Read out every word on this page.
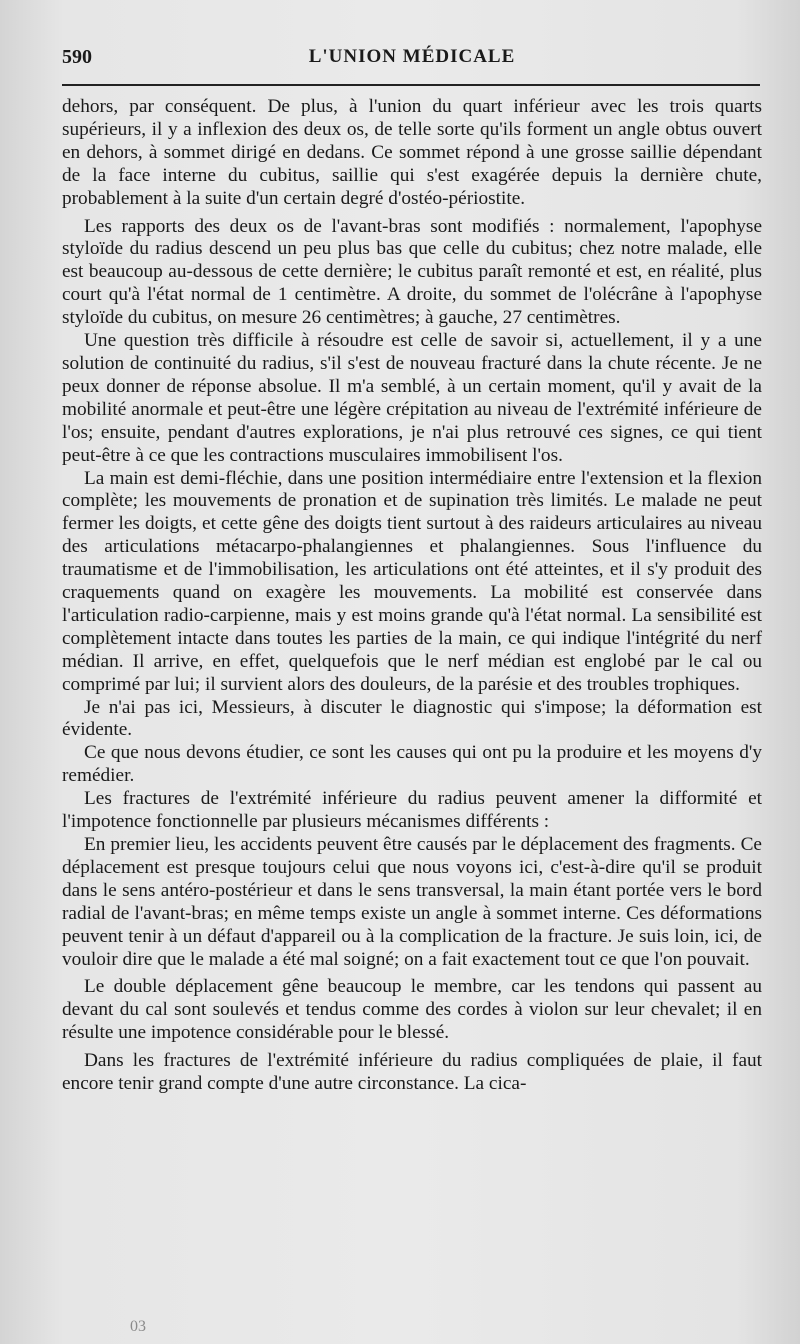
590	L'UNION MÉDICALE

dehors, par conséquent. De plus, à l'union du quart inférieur avec les trois quarts supérieurs, il y a inflexion des deux os, de telle sorte qu'ils forment un angle obtus ouvert en dehors, à sommet dirigé en dedans. Ce sommet répond à une grosse saillie dépendant de la face interne du cubitus, saillie qui s'est exagérée depuis la dernière chute, probablement à la suite d'un certain degré d'ostéo-périostite.

Les rapports des deux os de l'avant-bras sont modifiés : normalement, l'apophyse styloïde du radius descend un peu plus bas que celle du cubitus; chez notre malade, elle est beaucoup au-dessous de cette dernière; le cubitus paraît remonté et est, en réalité, plus court qu'à l'état normal de 1 centimètre. A droite, du sommet de l'olécrâne à l'apophyse styloïde du cubitus, on mesure 26 centimètres; à gauche, 27 centimètres.

Une question très difficile à résoudre est celle de savoir si, actuellement, il y a une solution de continuité du radius, s'il s'est de nouveau fracturé dans la chute récente. Je ne peux donner de réponse absolue. Il m'a semblé, à un certain moment, qu'il y avait de la mobilité anormale et peut-être une légère crépitation au niveau de l'extrémité inférieure de l'os; ensuite, pendant d'autres explorations, je n'ai plus retrouvé ces signes, ce qui tient peut-être à ce que les contractions musculaires immobilisent l'os.

La main est demi-fléchie, dans une position intermédiaire entre l'extension et la flexion complète; les mouvements de pronation et de supination très limités. Le malade ne peut fermer les doigts, et cette gêne des doigts tient surtout à des raideurs articulaires au niveau des articulations métacarpo-phalangiennes et phalangiennes. Sous l'influence du traumatisme et de l'immobilisation, les articulations ont été atteintes, et il s'y produit des craquements quand on exagère les mouvements. La mobilité est conservée dans l'articulation radio-carpienne, mais y est moins grande qu'à l'état normal. La sensibilité est complètement intacte dans toutes les parties de la main, ce qui indique l'intégrité du nerf médian. Il arrive, en effet, quelquefois que le nerf médian est englobé par le cal ou comprimé par lui; il survient alors des douleurs, de la parésie et des troubles trophiques.

Je n'ai pas ici, Messieurs, à discuter le diagnostic qui s'impose; la déformation est évidente.

Ce que nous devons étudier, ce sont les causes qui ont pu la produire et les moyens d'y remédier.

Les fractures de l'extrémité inférieure du radius peuvent amener la difformité et l'impotence fonctionnelle par plusieurs mécanismes différents :

En premier lieu, les accidents peuvent être causés par le déplacement des fragments. Ce déplacement est presque toujours celui que nous voyons ici, c'est-à-dire qu'il se produit dans le sens antéro-postérieur et dans le sens transversal, la main étant portée vers le bord radial de l'avant-bras; en même temps existe un angle à sommet interne. Ces déformations peuvent tenir à un défaut d'appareil ou à la complication de la fracture. Je suis loin, ici, de vouloir dire que le malade a été mal soigné; on a fait exactement tout ce que l'on pouvait.

Le double déplacement gêne beaucoup le membre, car les tendons qui passent au devant du cal sont soulevés et tendus comme des cordes à violon sur leur chevalet; il en résulte une impotence considérable pour le blessé.

Dans les fractures de l'extrémité inférieure du radius compliquées de plaie, il faut encore tenir grand compte d'une autre circonstance. La cica-

03
